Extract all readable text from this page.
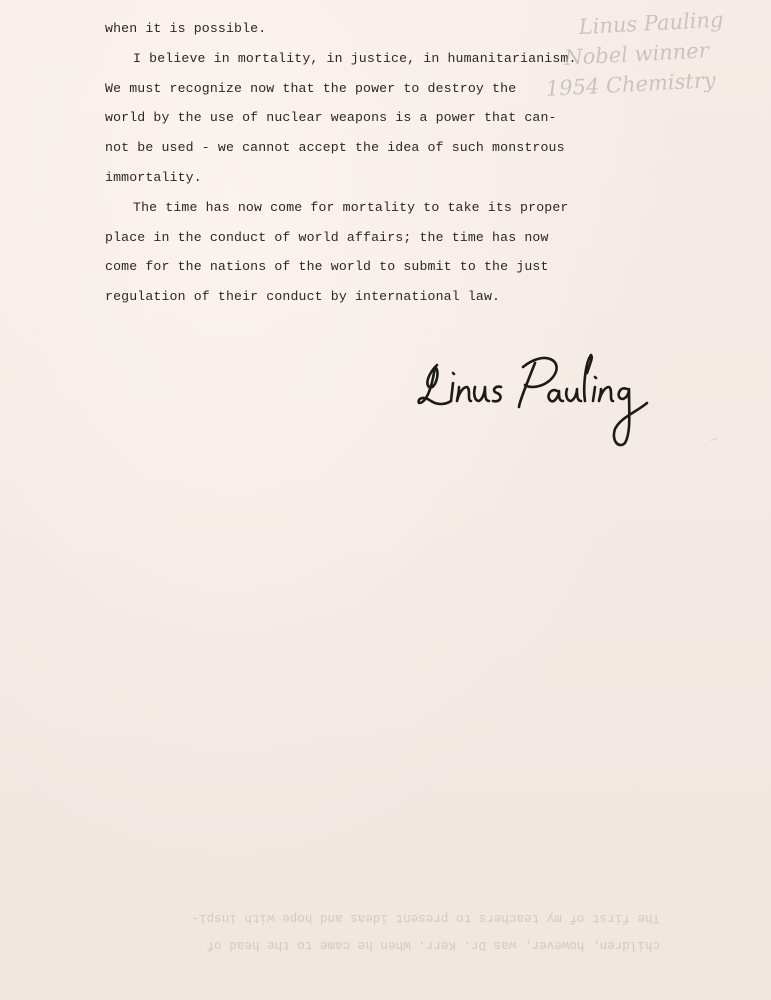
when it is possible.

I believe in mortality, in justice, in humanitarianism.

We must recognize now that the power to destroy the

world by the use of nuclear weapons is a power that can-

not be used - we cannot accept the idea of such monstrous

immortality.

The time has now come for mortality to take its proper

place in the conduct of world affairs; the time has now

come for the nations of the world to submit to the just

regulation of their conduct by international law.

Linus Pauling
Nobel winner
1954 Chemistry
⌇
children, however, was Dr. Kerr. When he came to the head of
The first of my teachers to present ideas and hope with inspi-
